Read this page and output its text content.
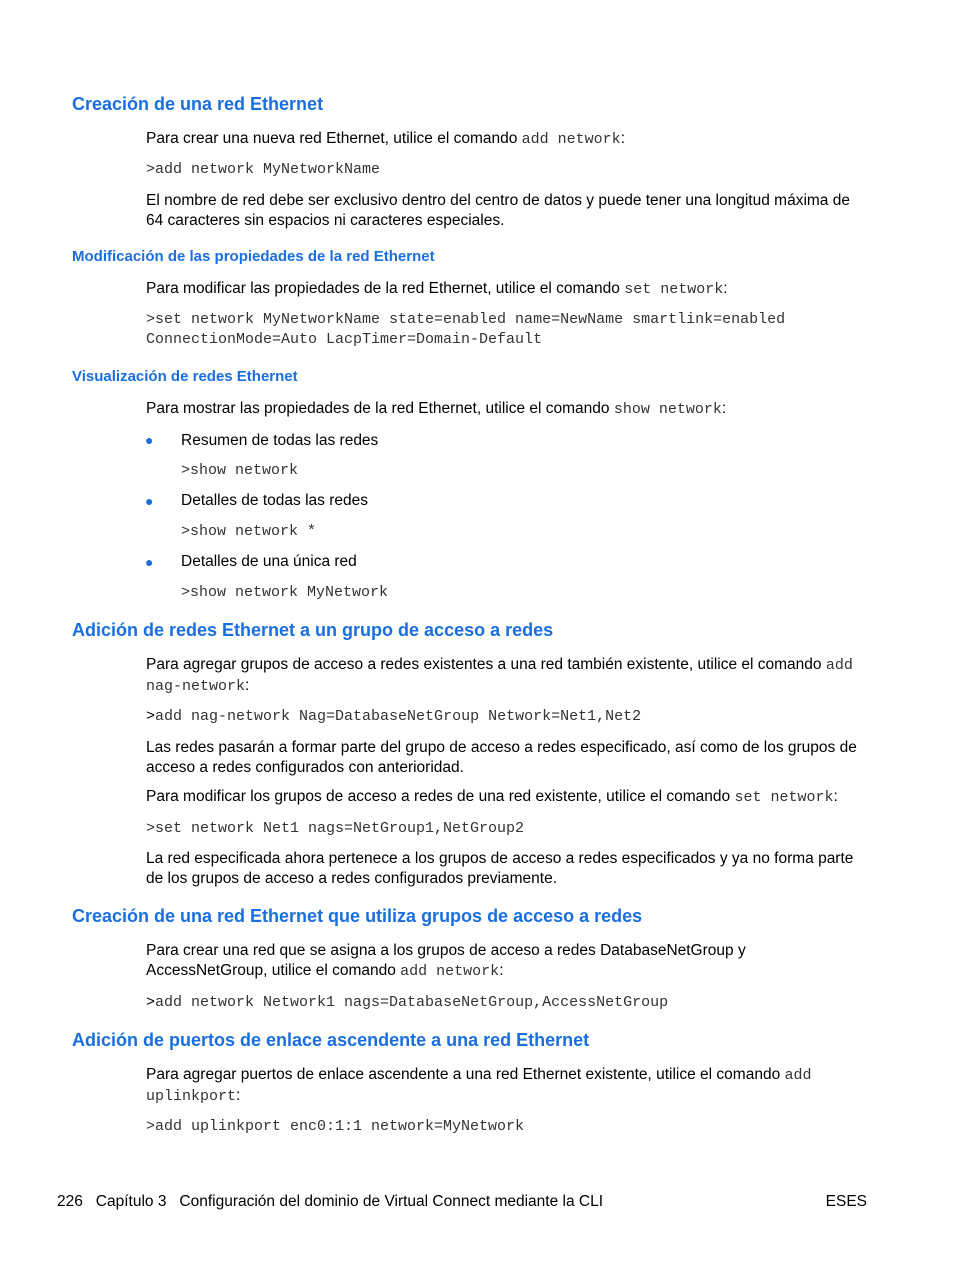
Creación de una red Ethernet

Para crear una nueva red Ethernet, utilice el comando add network:

>add network MyNetworkName

El nombre de red debe ser exclusivo dentro del centro de datos y puede tener una longitud máxima de 64 caracteres sin espacios ni caracteres especiales.

Modificación de las propiedades de la red Ethernet

Para modificar las propiedades de la red Ethernet, utilice el comando set network:

>set network MyNetworkName state=enabled name=NewName smartlink=enabled
ConnectionMode=Auto LacpTimer=Domain-Default
Visualización de redes Ethernet

Para mostrar las propiedades de la red Ethernet, utilice el comando show network:

● Resumen de todas las redes
>show network
● Detalles de todas las redes
>show network *
● Detalles de una única red
>show network MyNetwork
Adición de redes Ethernet a un grupo de acceso a redes

Para agregar grupos de acceso a redes existentes a una red también existente, utilice el comando add nag-network:

>add nag-network Nag=DatabaseNetGroup Network=Net1,Net2

Las redes pasarán a formar parte del grupo de acceso a redes especificado, así como de los grupos de acceso a redes configurados con anterioridad.

Para modificar los grupos de acceso a redes de una red existente, utilice el comando set network:

>set network Net1 nags=NetGroup1,NetGroup2

La red especificada ahora pertenece a los grupos de acceso a redes especificados y ya no forma parte de los grupos de acceso a redes configurados previamente.

Creación de una red Ethernet que utiliza grupos de acceso a redes

Para crear una red que se asigna a los grupos de acceso a redes DatabaseNetGroup y AccessNetGroup, utilice el comando add network:

>add network Network1 nags=DatabaseNetGroup,AccessNetGroup
Adición de puertos de enlace ascendente a una red Ethernet

Para agregar puertos de enlace ascendente a una red Ethernet existente, utilice el comando add uplinkport:

>add uplinkport enc0:1:1 network=MyNetwork
226 Capítulo 3 Configuración del dominio de Virtual Connect mediante la CLI	ESES
